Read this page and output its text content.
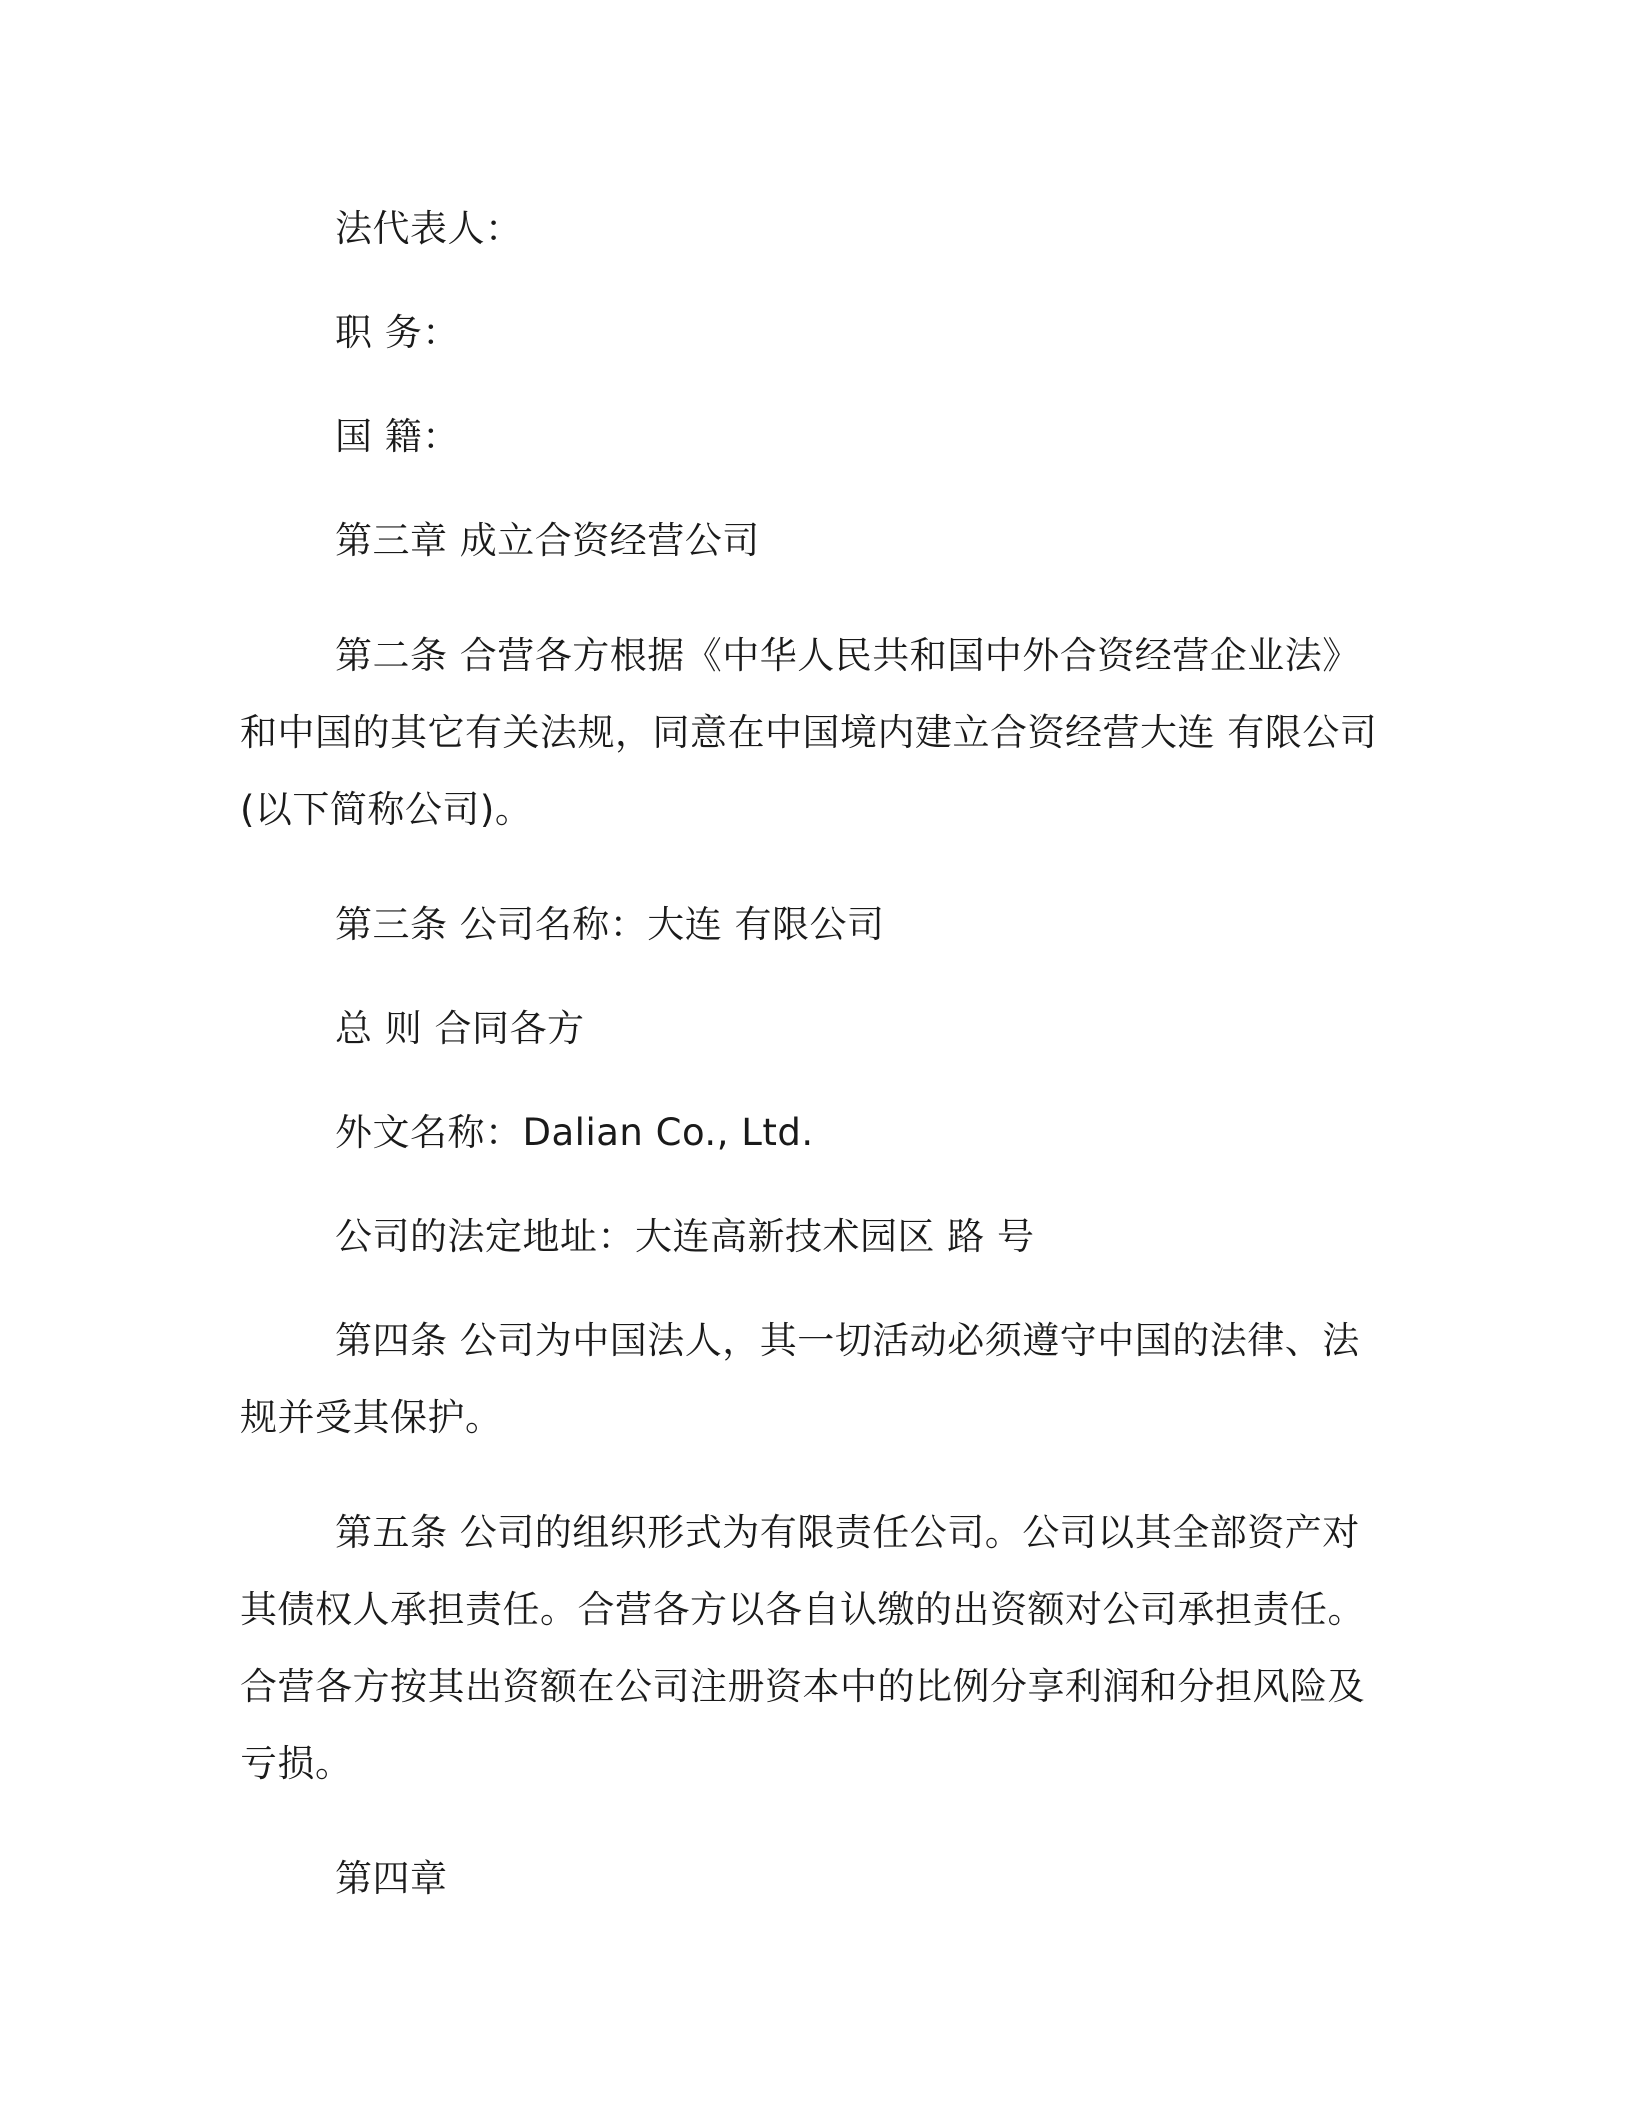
法代表人：

职 务：

国 籍：

第三章 成立合资经营公司

第二条 合营各方根据《中华人民共和国中外合资经营企业法》和中国的其它有关法规，同意在中国境内建立合资经营大连 有限公司(以下简称公司)。

第三条 公司名称：大连 有限公司

总 则 合同各方

外文名称：Dalian Co., Ltd.

公司的法定地址：大连高新技术园区 路 号

第四条 公司为中国法人，其一切活动必须遵守中国的法律、法规并受其保护。

第五条 公司的组织形式为有限责任公司。公司以其全部资产对其债权人承担责任。合营各方以各自认缴的出资额对公司承担责任。合营各方按其出资额在公司注册资本中的比例分享利润和分担风险及亏损。

第四章
